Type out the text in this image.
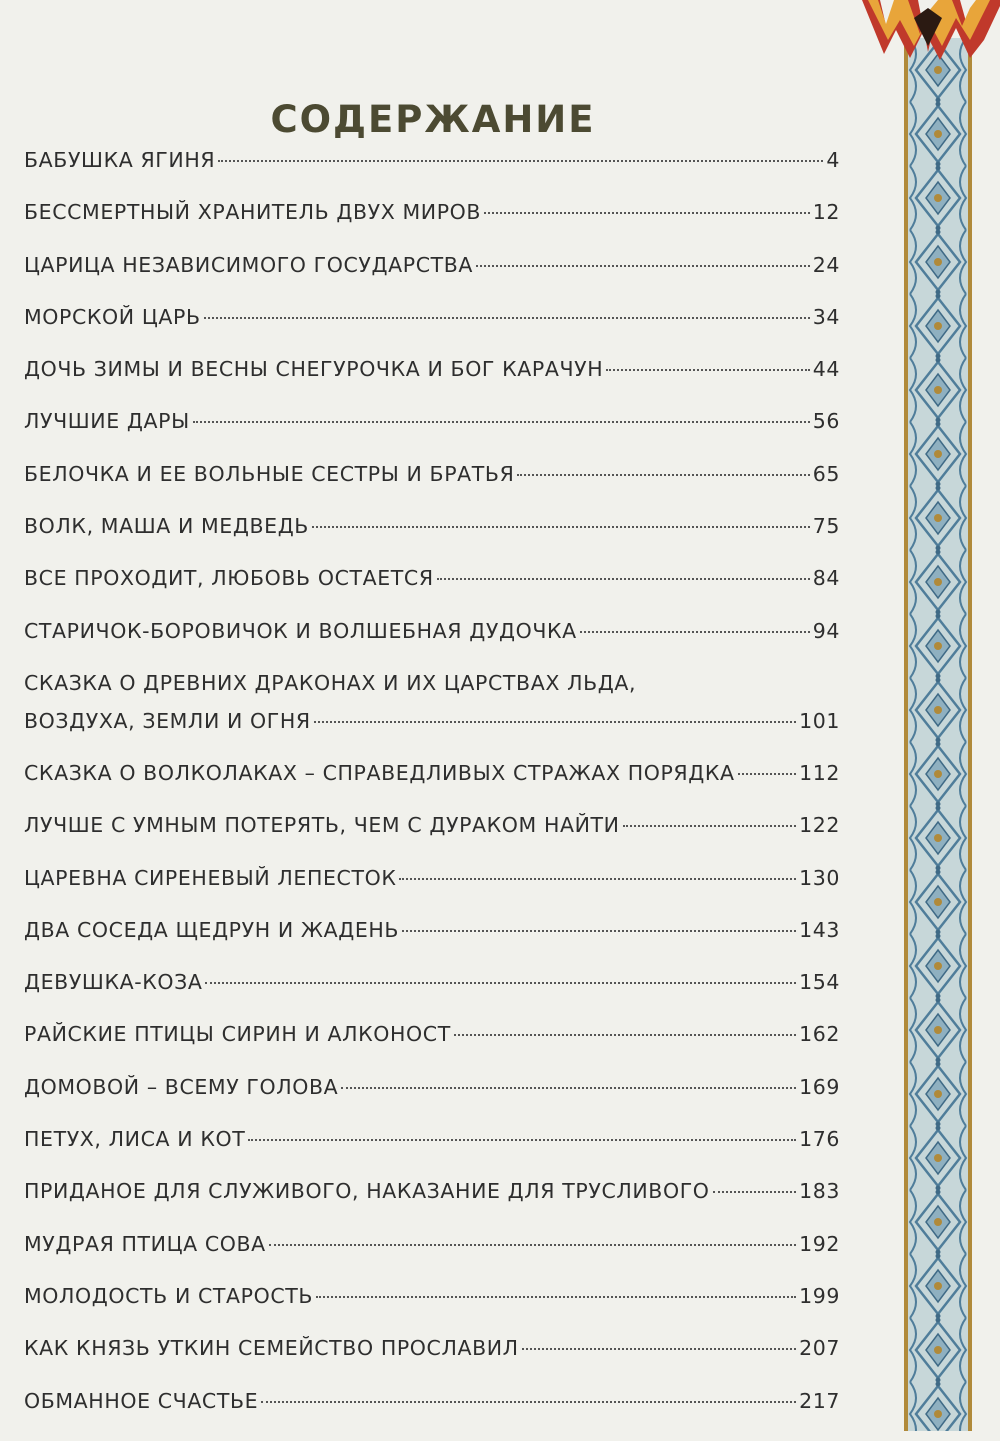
СОДЕРЖАНИЕ
БАБУШКА ЯГИНЯ	4
БЕССМЕРТНЫЙ ХРАНИТЕЛЬ ДВУХ МИРОВ	12
ЦАРИЦА НЕЗАВИСИМОГО ГОСУДАРСТВА	24
МОРСКОЙ ЦАРЬ	34
ДОЧЬ ЗИМЫ И ВЕСНЫ СНЕГУРОЧКА И БОГ КАРАЧУН	44
ЛУЧШИЕ ДАРЫ	56
БЕЛОЧКА И ЕЕ ВОЛЬНЫЕ СЕСТРЫ И БРАТЬЯ	65
ВОЛК, МАША И МЕДВЕДЬ	75
ВСЕ ПРОХОДИТ, ЛЮБОВЬ ОСТАЕТСЯ	84
СТАРИЧОК-БОРОВИЧОК И ВОЛШЕБНАЯ ДУДОЧКА	94
СКАЗКА О ДРЕВНИХ ДРАКОНАХ И ИХ ЦАРСТВАХ ЛЬДА,
ВОЗДУХА, ЗЕМЛИ И ОГНЯ	101
СКАЗКА О ВОЛКОЛАКАХ – СПРАВЕДЛИВЫХ СТРАЖАХ ПОРЯДКА	112
ЛУЧШЕ С УМНЫМ ПОТЕРЯТЬ, ЧЕМ С ДУРАКОМ НАЙТИ	122
ЦАРЕВНА СИРЕНЕВЫЙ ЛЕПЕСТОК	130
ДВА СОСЕДА ЩЕДРУН И ЖАДЕНЬ	143
ДЕВУШКА-КОЗА	154
РАЙСКИЕ ПТИЦЫ СИРИН И АЛКОНОСТ	162
ДОМОВОЙ – ВСЕМУ ГОЛОВА	169
ПЕТУХ, ЛИСА И КОТ	176
ПРИДАНОЕ ДЛЯ СЛУЖИВОГО, НАКАЗАНИЕ ДЛЯ ТРУСЛИВОГО	183
МУДРАЯ ПТИЦА СОВА	192
МОЛОДОСТЬ И СТАРОСТЬ	199
КАК КНЯЗЬ УТКИН СЕМЕЙСТВО ПРОСЛАВИЛ	207
ОБМАННОЕ СЧАСТЬЕ	217
